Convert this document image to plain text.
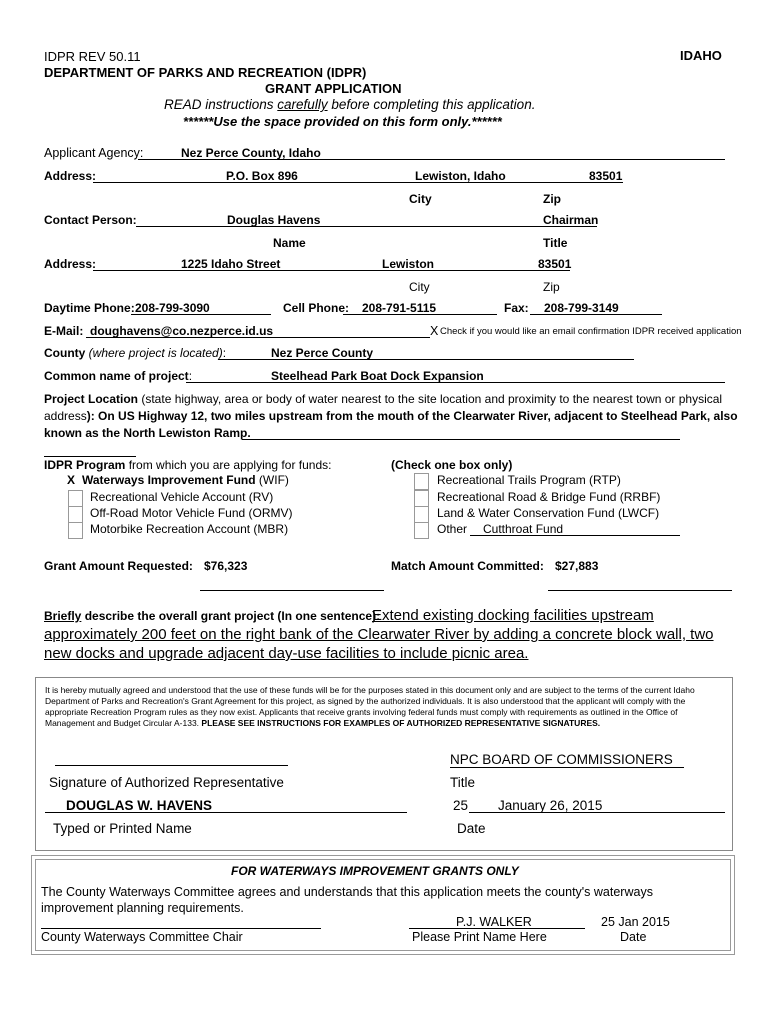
IDPR REV 50.11	IDAHO
DEPARTMENT OF PARKS AND RECREATION (IDPR)
GRANT APPLICATION
READ instructions carefully before completing this application.
******Use the space provided on this form only.******
Applicant Agency:	Nez Perce County, Idaho
Address:	P.O. Box 896	Lewiston, Idaho	83501
City	Zip
Contact Person:	Douglas Havens	Chairman
Name	Title
Address:	1225 Idaho Street	Lewiston	83501
City	Zip
Daytime Phone: 208-799-3090	Cell Phone: 208-791-5115	Fax: 208-799-3149
E-Mail: doughavens@co.nezperce.id.us	X Check if you would like an email confirmation IDPR received application
County (where project is located):	Nez Perce County
Common name of project:	Steelhead Park Boat Dock Expansion
Project Location (state highway, area or body of water nearest to the site location and proximity to the nearest town or physical
address): On US Highway 12, two miles upstream from the mouth of the Clearwater River, adjacent to Steelhead Park, also
known as the North Lewiston Ramp.
IDPR Program from which you are applying for funds:	(Check one box only)
X Waterways Improvement Fund (WIF)
Recreational Vehicle Account (RV)
Off-Road Motor Vehicle Fund (ORMV)
Motorbike Recreation Account (MBR)
Recreational Trails Program (RTP)
Recreational Road & Bridge Fund (RRBF)
Land & Water Conservation Fund (LWCF)
Other Cutthroat Fund
Grant Amount Requested: $76,323	Match Amount Committed: $27,883
Briefly describe the overall grant project (In one sentence):
Extend existing docking facilities upstream
approximately 200 feet on the right bank of the Clearwater River by adding a concrete block wall, two
new docks and upgrade adjacent day-use facilities to include picnic area.
It is hereby mutually agreed and understood that the use of these funds will be for the purposes stated in this document only and are subject to the terms of the current Idaho Department of Parks and Recreation's Grant Agreement for this project, as signed by the authorized individuals. It is also understood that the applicant will comply with the appropriate Recreation Program rules as they now exist. Applicants that receive grants involving federal funds must comply with requirements as outlined in the Office of Management and Budget Circular A-133. PLEASE SEE INSTRUCTIONS FOR EXAMPLES OF AUTHORIZED REPRESENTATIVE SIGNATURES.
NPC BOARD OF COMMISSIONERS
Signature of Authorized Representative	Title
DOUGLAS W. HAVENS	25 January 26, 2015
Typed or Printed Name	Date
FOR WATERWAYS IMPROVEMENT GRANTS ONLY
The County Waterways Committee agrees and understands that this application meets the county's waterways improvement planning requirements.
P.J. WALKER	25 Jan 2015
County Waterways Committee Chair	Please Print Name Here	Date
